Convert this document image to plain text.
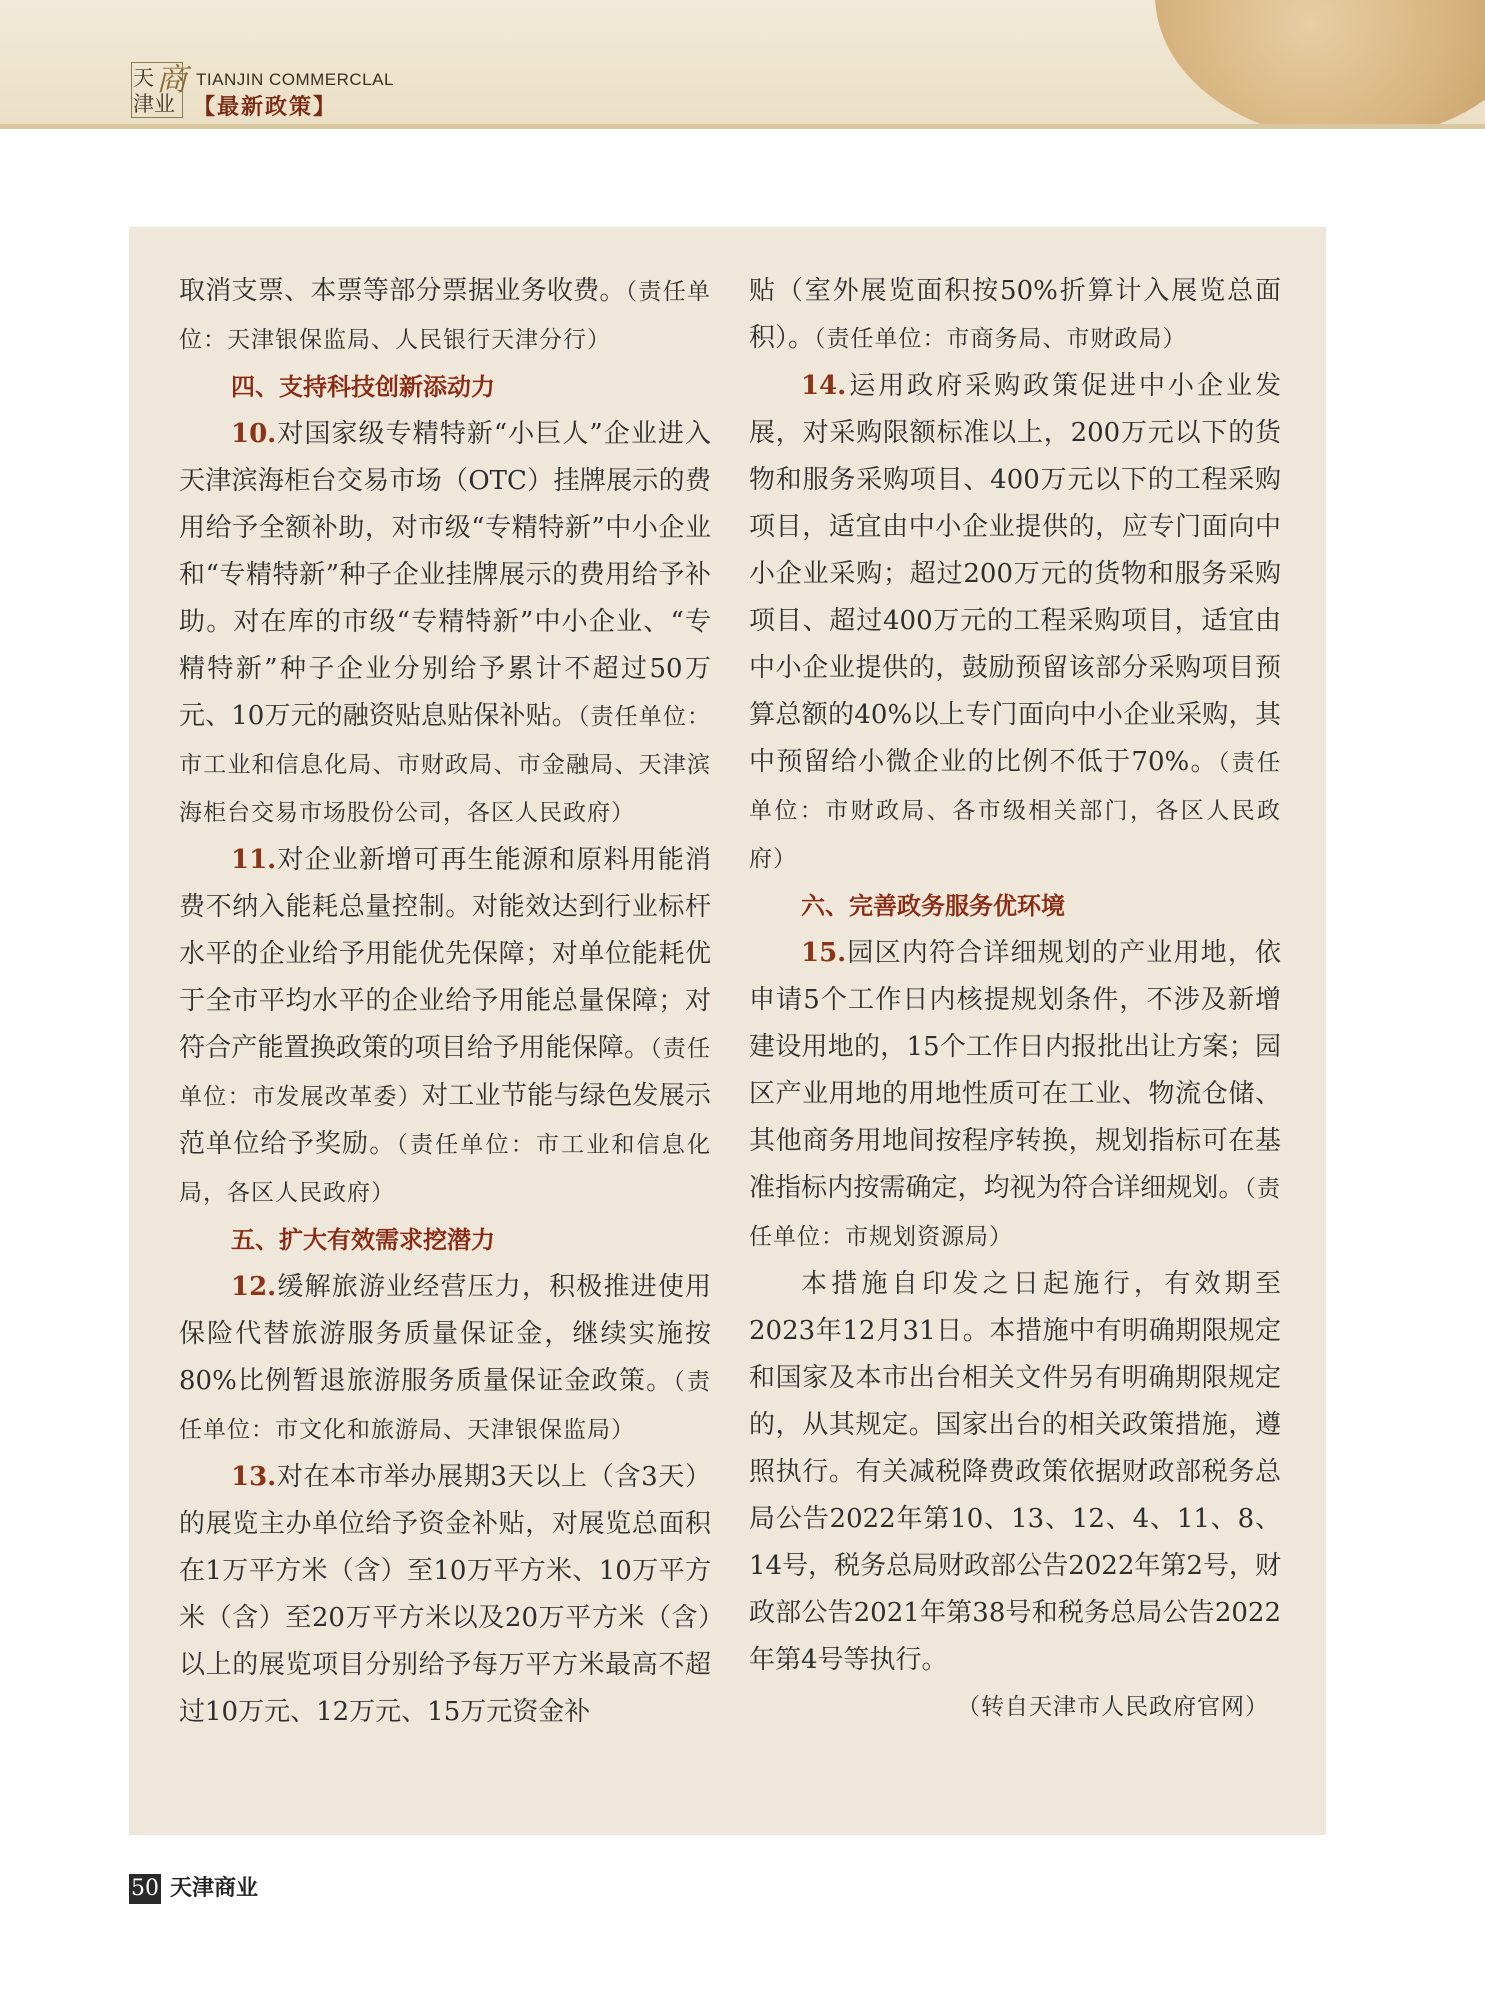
天 商
津业
TIANJIN COMMERCLAL
【最新政策】

取消支票、本票等部分票据业务收费。（责任单位：天津银保监局、人民银行天津分行）

四、支持科技创新添动力

10.对国家级专精特新“小巨人”企业进入天津滨海柜台交易市场（OTC）挂牌展示的费用给予全额补助，对市级“专精特新”中小企业和“专精特新”种子企业挂牌展示的费用给予补助。对在库的市级“专精特新”中小企业、“专精特新”种子企业分别给予累计不超过50万元、10万元的融资贴息贴保补贴。（责任单位：市工业和信息化局、市财政局、市金融局、天津滨海柜台交易市场股份公司，各区人民政府）

11.对企业新增可再生能源和原料用能消费不纳入能耗总量控制。对能效达到行业标杆水平的企业给予用能优先保障；对单位能耗优于全市平均水平的企业给予用能总量保障；对符合产能置换政策的项目给予用能保障。（责任单位：市发展改革委）对工业节能与绿色发展示范单位给予奖励。（责任单位：市工业和信息化局，各区人民政府）

五、扩大有效需求挖潜力

12.缓解旅游业经营压力，积极推进使用保险代替旅游服务质量保证金，继续实施按80%比例暂退旅游服务质量保证金政策。（责任单位：市文化和旅游局、天津银保监局）

13.对在本市举办展期3天以上（含3天）的展览主办单位给予资金补贴，对展览总面积在1万平方米（含）至10万平方米、10万平方米（含）至20万平方米以及20万平方米（含）以上的展览项目分别给予每万平方米最高不超过10万元、12万元、15万元资金补

贴（室外展览面积按50%折算计入展览总面积）。（责任单位：市商务局、市财政局）

14.运用政府采购政策促进中小企业发展，对采购限额标准以上，200万元以下的货物和服务采购项目、400万元以下的工程采购项目，适宜由中小企业提供的，应专门面向中小企业采购；超过200万元的货物和服务采购项目、超过400万元的工程采购项目，适宜由中小企业提供的，鼓励预留该部分采购项目预算总额的40%以上专门面向中小企业采购，其中预留给小微企业的比例不低于70%。（责任单位：市财政局、各市级相关部门，各区人民政府）

六、完善政务服务优环境

15.园区内符合详细规划的产业用地，依申请5个工作日内核提规划条件，不涉及新增建设用地的，15个工作日内报批出让方案；园区产业用地的用地性质可在工业、物流仓储、其他商务用地间按程序转换，规划指标可在基准指标内按需确定，均视为符合详细规划。（责任单位：市规划资源局）

本措施自印发之日起施行，有效期至2023年12月31日。本措施中有明确期限规定和国家及本市出台相关文件另有明确期限规定的，从其规定。国家出台的相关政策措施，遵照执行。有关减税降费政策依据财政部税务总局公告2022年第10、13、12、4、11、8、14号，税务总局财政部公告2022年第2号，财政部公告2021年第38号和税务总局公告2022年第4号等执行。

（转自天津市人民政府官网）

50 天津商业
